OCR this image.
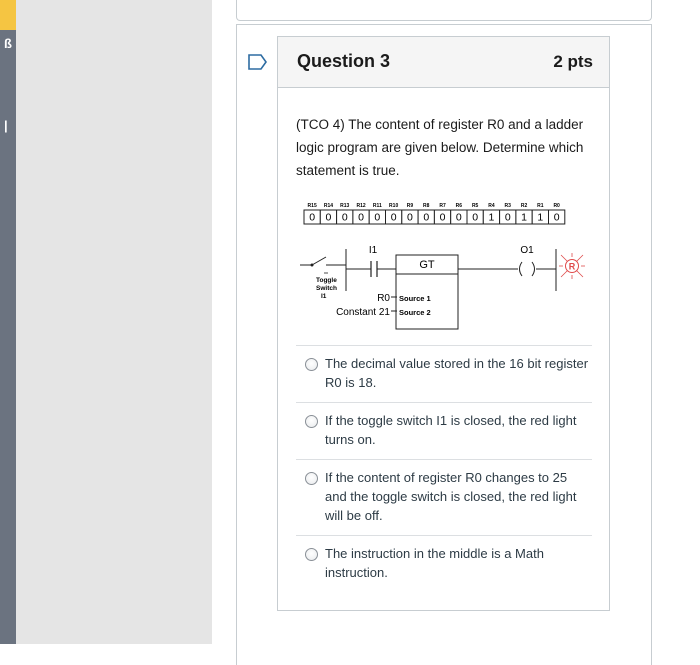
ß
|
Question 3	2 pts
(TCO 4) The content of register R0 and a ladder logic program are given below. Determine which statement is true.
R15 R14 R13 R12 R11 R10 R9 R8 R7 R6 R5 R4 R3 R2 R1 R0
0 0 0 0 0 0 0 0 0 0 0 1 0 1 1 0
Toggle
Switch
I1
I1
GT
Source 1
Source 2
R0
Constant 21
O1
R
The decimal value stored in the 16 bit register R0 is 18.
If the toggle switch I1 is closed, the red light turns on.
If the content of register R0 changes to 25 and the toggle switch is closed, the red light will be off.
The instruction in the middle is a Math instruction.
